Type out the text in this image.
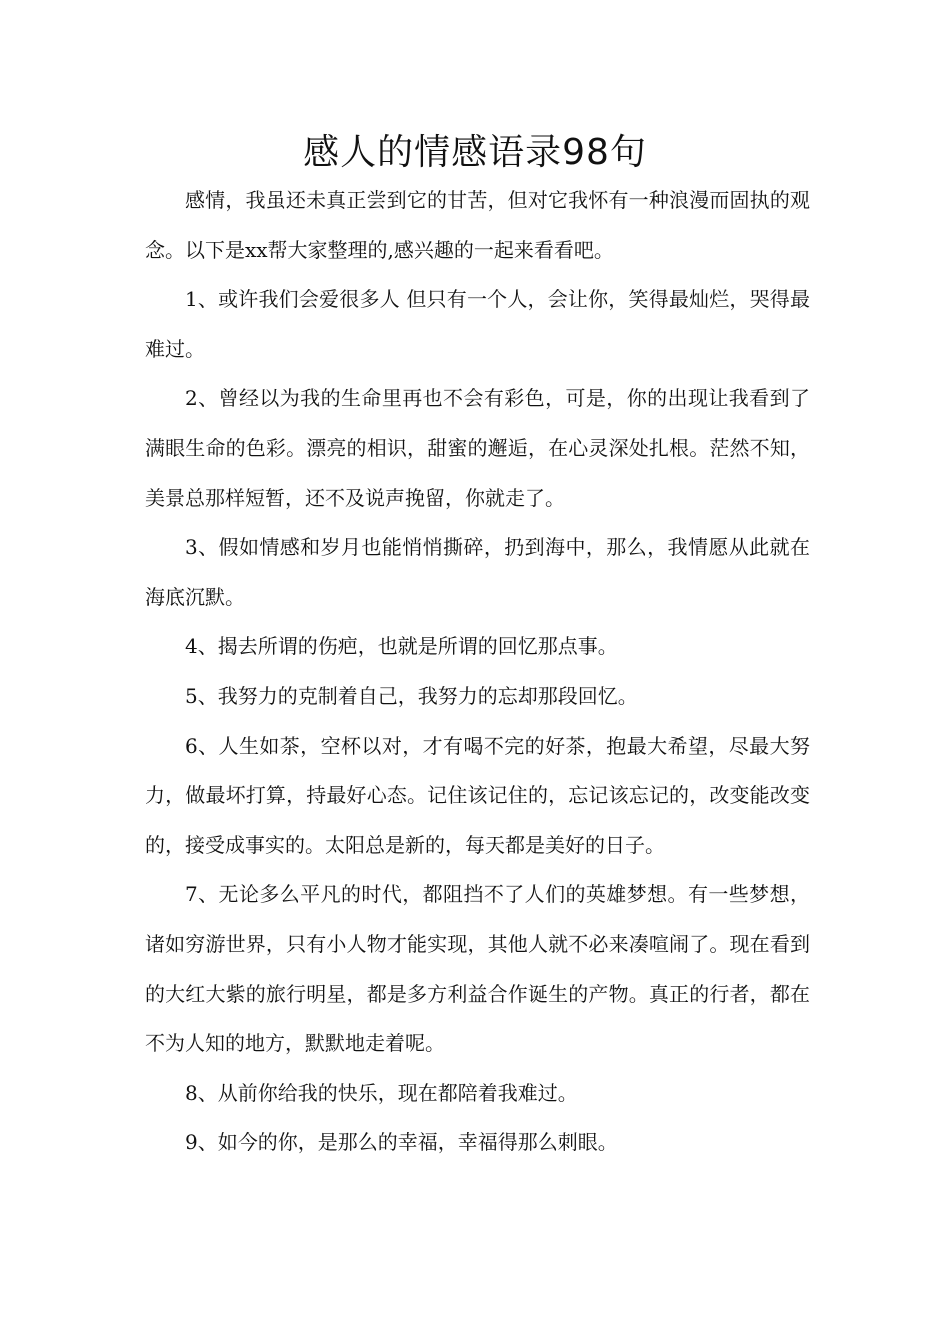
感人的情感语录98句

感情，我虽还未真正尝到它的甘苦，但对它我怀有一种浪漫而固执的观念。以下是xx帮大家整理的,感兴趣的一起来看看吧。

1、或许我们会爱很多人 但只有一个人，会让你，笑得最灿烂，哭得最难过。

2、曾经以为我的生命里再也不会有彩色，可是，你的出现让我看到了满眼生命的色彩。漂亮的相识，甜蜜的邂逅，在心灵深处扎根。茫然不知，美景总那样短暂，还不及说声挽留，你就走了。

3、假如情感和岁月也能悄悄撕碎，扔到海中，那么，我情愿从此就在海底沉默。

4、揭去所谓的伤疤，也就是所谓的回忆那点事。

5、我努力的克制着自己，我努力的忘却那段回忆。

6、人生如茶，空杯以对，才有喝不完的好茶，抱最大希望，尽最大努力，做最坏打算，持最好心态。记住该记住的，忘记该忘记的，改变能改变的，接受成事实的。太阳总是新的，每天都是美好的日子。

7、无论多么平凡的时代，都阻挡不了人们的英雄梦想。有一些梦想，诸如穷游世界，只有小人物才能实现，其他人就不必来凑喧闹了。现在看到的大红大紫的旅行明星，都是多方利益合作诞生的产物。真正的行者，都在不为人知的地方，默默地走着呢。

8、从前你给我的快乐，现在都陪着我难过。

9、如今的你，是那么的幸福，幸福得那么刺眼。
